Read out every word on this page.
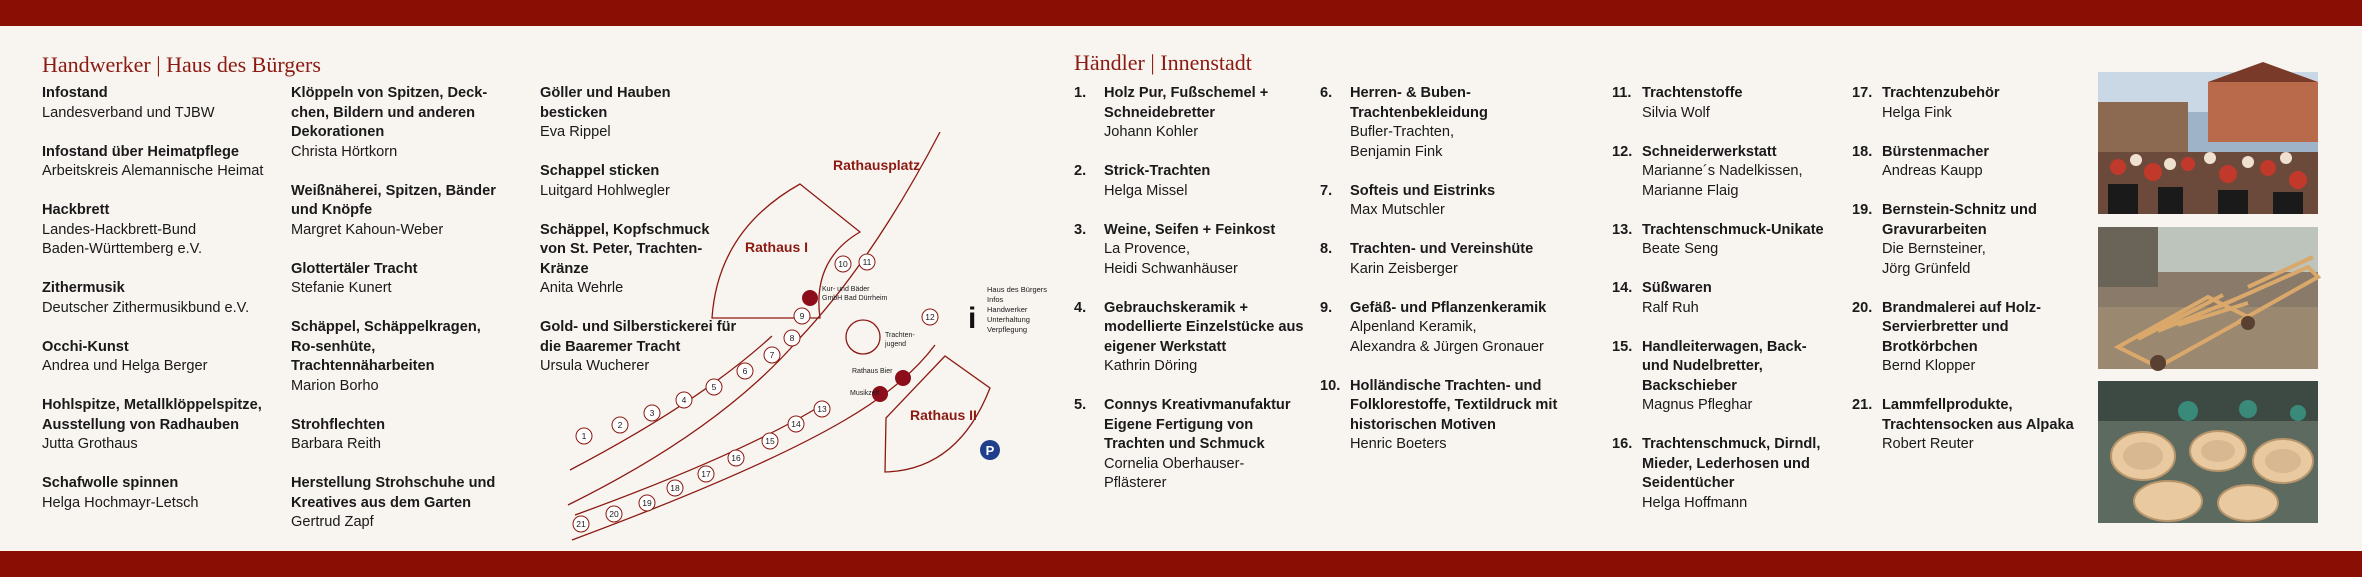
Handwerker | Haus des Bürgers	Händler | Innenstadt
Infostand
Landesverband und TJBW
Infostand über Heimatpflege
Arbeitskreis Alemannische Heimat
Hackbrett
Landes-Hackbrett-Bund
Baden-Württemberg e.V.
Zithermusik
Deutscher Zithermusikbund e.V.
Occhi-Kunst
Andrea und Helga Berger
Hohlspitze, Metallklöppelspitze, Ausstellung von Radhauben
Jutta Grothaus
Schafwolle spinnen
Helga Hochmayr-Letsch
Klöppeln von Spitzen, Deck-chen, Bildern und anderen Dekorationen
Christa Hörtkorn
Weißnäherei, Spitzen, Bänder und Knöpfe
Margret Kahoun-Weber
Glottertäler Tracht
Stefanie Kunert
Schäppel, Schäppelkragen, Ro-senhüte, Trachtennäharbeiten
Marion Borho
Strohflechten
Barbara Reith
Herstellung Strohschuhe und Kreatives aus dem Garten
Gertrud Zapf
Göller und Hauben besticken
Eva Rippel
Schappel sticken
Luitgard Hohlwegler
Schäppel, Kopfschmuck von St. Peter, Trachten-Kränze
Anita Wehrle
Gold- und Silberstickerei für die Baaremer Tracht
Ursula Wucherer
1.	Holz Pur, Fußschemel + Schneidebretter
Johann Kohler
2.	Strick-Trachten
Helga Missel
3.	Weine, Seifen + Feinkost
La Provence,
Heidi Schwanhäuser
4.	Gebrauchskeramik + modellierte Einzelstücke aus eigener Werkstatt
Kathrin Döring
5.	Connys Kreativmanufaktur Eigene Fertigung von Trachten und Schmuck
Cornelia Oberhauser-Pflästerer
6.	Herren- & Buben-Trachtenbekleidung
Bufler-Trachten,
Benjamin Fink
7.	Softeis und Eistrinks
Max Mutschler
8.	Trachten- und Vereinshüte
Karin Zeisberger
9.	Gefäß- und Pflanzenkeramik
Alpenland Keramik,
Alexandra & Jürgen Gronauer
10. Holländische Trachten- und Folklorestoffe, Textildruck mit historischen Motiven
Henric Boeters
11. Trachtenstoffe
Silvia Wolf
12. Schneiderwerkstatt
Marianne´s Nadelkissen,
Marianne Flaig
13. Trachtenschmuck-Unikate
Beate Seng
14. Süßwaren
Ralf Ruh
15. Handleiterwagen, Back- und Nudelbretter, Backschieber
Magnus Pfleghar
16. Trachtenschmuck, Dirndl, Mieder, Lederhosen und Seidentücher
Helga Hoffmann
17. Trachtenzubehör
Helga Fink
18. Bürstenmacher
Andreas Kaupp
19. Bernstein-Schnitz und Gravurarbeiten
Die Bernsteiner,
Jörg Grünfeld
20. Brandmalerei auf Holz-Servierbretter und Brotkörbchen
Bernd Klopper
21. Lammfellprodukte, Trachtensocken aus Alpaka
Robert Reuter
Rathausplatz
Rathaus I
Rathaus II
Kur- und Bäder
GmbH Bad Dürrheim
Trachten-
jugend
Rathaus Bier
Musikzelt
i
Haus des Bürgers
Infos
Handwerker
Unterhaltung
Verpflegung
P
1
2
3
4
5
6
7
8
9
10 11
12
13
14
15
16
17
18
19
20
21
